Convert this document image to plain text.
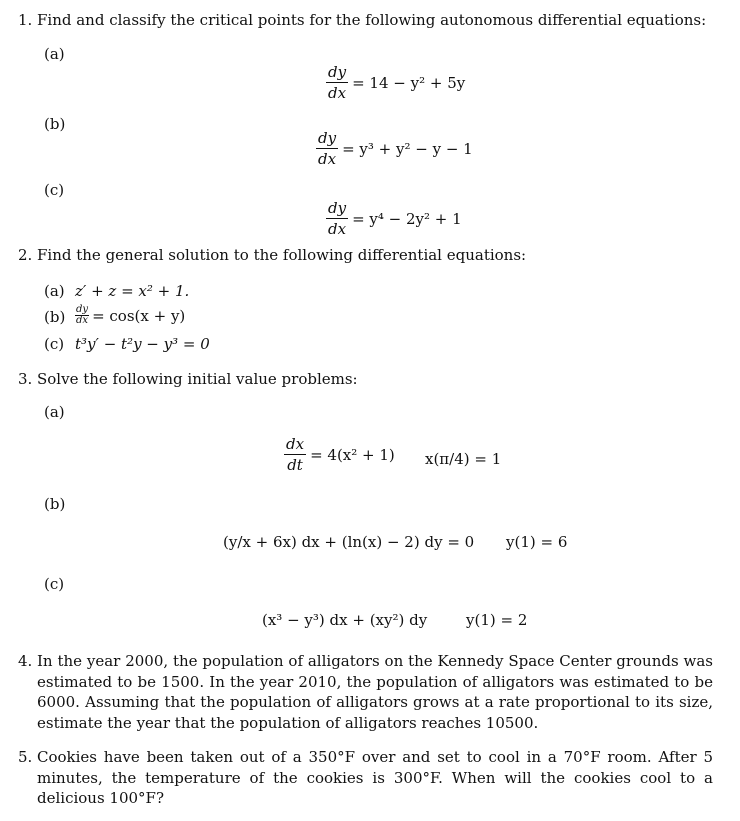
1. Find and classify the critical points for the following autonomous differential equations:
(a)
$\frac{dy}{dx} = 14 - y^2 + 5y$
(b)
$\frac{dy}{dx} = y^3 + y^2 - y - 1$
(c)
$\frac{dy}{dx} = y^4 - 2y^2 + 1$
2. Find the general solution to the following differential equations:
(a) z′ + z = x² + 1.
$(b) \frac{dy}{dx} = \cos(x + y)$
(c) t³y′ − t²y − y³ = 0
3. Solve the following initial value problems:
(a)
$\frac{dx}{dt} = 4(x^2 + 1) x(\pi/4) = 1$
(b)
(y/x + 6x) dx + (ln(x) − 2) dy = 0 y(1) = 6
(c)
(x³ − y³) dx + (xy²) dy	y(1) = 2
4. In the year 2000, the population of alligators on the Kennedy Space Center grounds was estimated to be 1500. In the year 2010, the population of alligators was estimated to be 6000. Assuming that the population of alligators grows at a rate proportional to its size, estimate the year that the population of alligators reaches 10500.
5. Cookies have been taken out of a 350°F over and set to cool in a 70°F room. After 5 minutes, the temperature of the cookies is 300°F. When will the cookies cool to a delicious 100°F?
